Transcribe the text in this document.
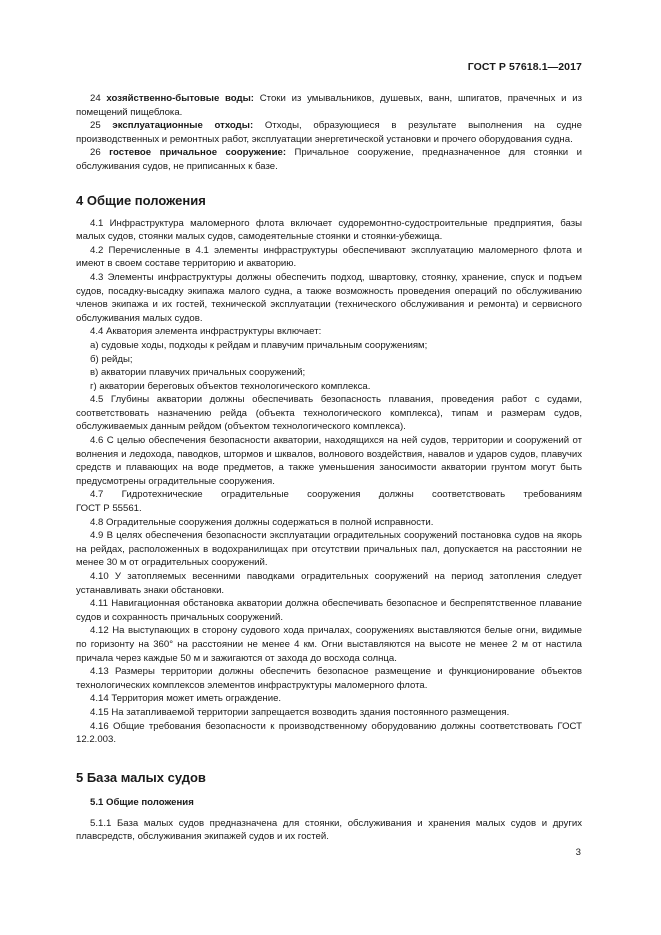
ГОСТ Р 57618.1—2017

24 хозяйственно-бытовые воды: Стоки из умывальников, душевых, ванн, шпигатов, прачечных и из помещений пищеблока.

25 эксплуатационные отходы: Отходы, образующиеся в результате выполнения на судне производственных и ремонтных работ, эксплуатации энергетической установки и прочего оборудования судна.

26 гостевое причальное сооружение: Причальное сооружение, предназначенное для стоянки и обслуживания судов, не приписанных к базе.

4 Общие положения

4.1 Инфраструктура маломерного флота включает судоремонтно-судостроительные предприятия, базы малых судов, стоянки малых судов, самодеятельные стоянки и стоянки-убежища.

4.2 Перечисленные в 4.1 элементы инфраструктуры обеспечивают эксплуатацию маломерного флота и имеют в своем составе территорию и акваторию.

4.3 Элементы инфраструктуры должны обеспечить подход, швартовку, стоянку, хранение, спуск и подъем судов, посадку-высадку экипажа малого судна, а также возможность проведения операций по обслуживанию членов экипажа и их гостей, технической эксплуатации (технического обслуживания и ремонта) и сервисного обслуживания малых судов.

4.4 Акватория элемента инфраструктуры включает:

а) судовые ходы, подходы к рейдам и плавучим причальным сооружениям;

б) рейды;

в) акватории плавучих причальных сооружений;

г) акватории береговых объектов технологического комплекса.

4.5 Глубины акватории должны обеспечивать безопасность плавания, проведения работ с судами, соответствовать назначению рейда (объекта технологического комплекса), типам и размерам судов, обслуживаемых данным рейдом (объектом технологического комплекса).

4.6 С целью обеспечения безопасности акватории, находящихся на ней судов, территории и сооружений от волнения и ледохода, паводков, штормов и шквалов, волнового воздействия, навалов и ударов судов, плавучих средств и плавающих на воде предметов, а также уменьшения заносимости акватории грунтом могут быть предусмотрены оградительные сооружения.

4.7 Гидротехнические оградительные сооружения должны соответствовать требованиям

ГОСТ Р 55561.

4.8 Оградительные сооружения должны содержаться в полной исправности.

4.9 В целях обеспечения безопасности эксплуатации оградительных сооружений постановка судов на якорь на рейдах, расположенных в водохранилищах при отсутствии причальных пал, допускается на расстоянии не менее 30 м от оградительных сооружений.

4.10 У затопляемых весенними паводками оградительных сооружений на период затопления следует устанавливать знаки обстановки.

4.11 Навигационная обстановка акватории должна обеспечивать безопасное и беспрепятственное плавание судов и сохранность причальных сооружений.

4.12 На выступающих в сторону судового хода причалах, сооружениях выставляются белые огни, видимые по горизонту на 360° на расстоянии не менее 4 км. Огни выставляются на высоте не менее 2 м от настила причала через каждые 50 м и зажигаются от захода до восхода солнца.

4.13 Размеры территории должны обеспечить безопасное размещение и функционирование объектов технологических комплексов элементов инфраструктуры маломерного флота.

4.14 Территория может иметь ограждение.

4.15 На затапливаемой территории запрещается возводить здания постоянного размещения.

4.16 Общие требования безопасности к производственному оборудованию должны соответствовать ГОСТ 12.2.003.

5 База малых судов
5.1 Общие положения

5.1.1 База малых судов предназначена для стоянки, обслуживания и хранения малых судов и других плавсредств, обслуживания экипажей судов и их гостей.

3
